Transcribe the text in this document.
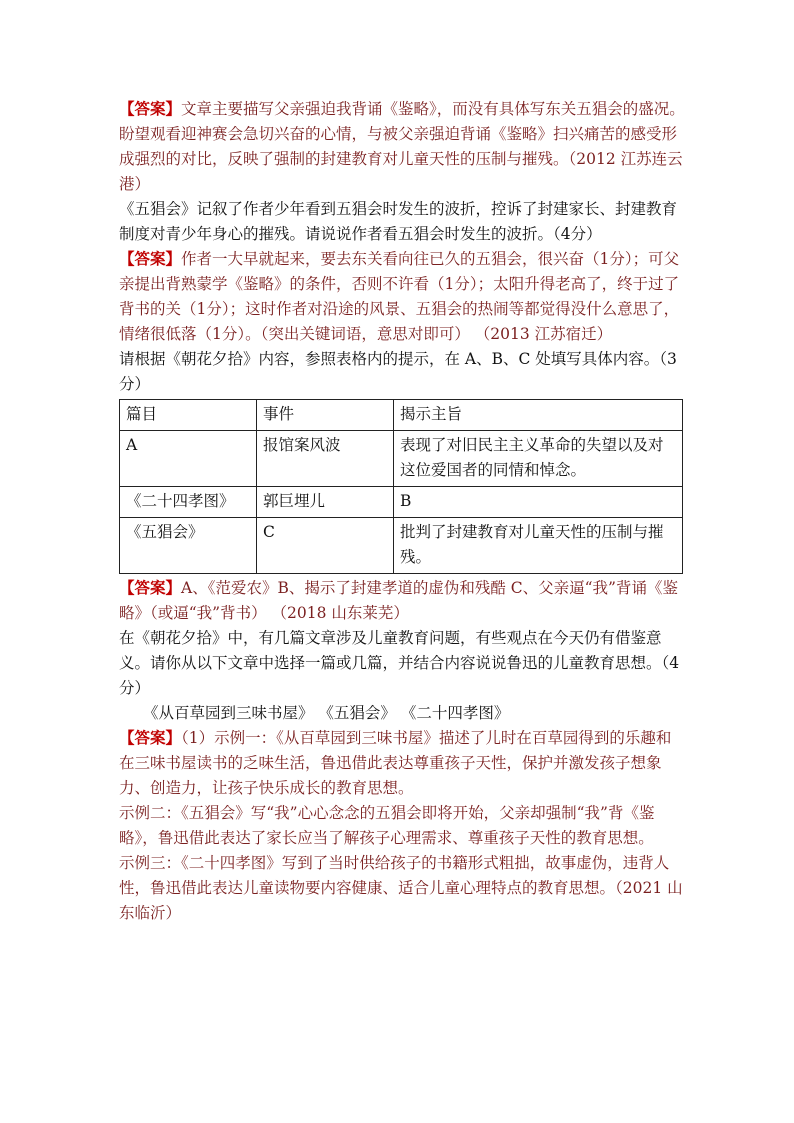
【答案】文章主要描写父亲强迫我背诵《鉴略》，而没有具体写东关五猖会的盛况。盼望观看迎神赛会急切兴奋的心情，与被父亲强迫背诵《鉴略》扫兴痛苦的感受形成强烈的对比，反映了强制的封建教育对儿童天性的压制与摧残。（2012 江苏连云港）

《五猖会》记叙了作者少年看到五猖会时发生的波折，控诉了封建家长、封建教育制度对青少年身心的摧残。请说说作者看五猖会时发生的波折。（4分）

【答案】作者一大早就起来，要去东关看向往已久的五猖会，很兴奋（1分）；可父亲提出背熟蒙学《鉴略》的条件，否则不许看（1分）；太阳升得老高了，终于过了背书的关（1分）；这时作者对沿途的风景、五猖会的热闹等都觉得没什么意思了，情绪很低落（1分）。（突出关键词语，意思对即可） （2013 江苏宿迁）

请根据《朝花夕拾》内容，参照表格内的提示，在 A、B、C 处填写具体内容。（3分）

篇目	事件	揭示主旨
A	报馆案风波	表现了对旧民主主义革命的失望以及对这位爱国者的同情和悼念。
《二十四孝图》	郭巨埋儿	B
《五猖会》	C	批判了封建教育对儿童天性的压制与摧残。

【答案】A、《范爱农》B、揭示了封建孝道的虚伪和残酷 C、父亲逼“我”背诵《鉴略》（或逼“我”背书） （2018 山东莱芜）

在《朝花夕拾》中，有几篇文章涉及儿童教育问题，有些观点在今天仍有借鉴意义。请你从以下文章中选择一篇或几篇，并结合内容说说鲁迅的儿童教育思想。（4分）

《从百草园到三味书屋》 《五猖会》 《二十四孝图》

【答案】（1）示例一：《从百草园到三味书屋》描述了儿时在百草园得到的乐趣和在三味书屋读书的乏味生活，鲁迅借此表达尊重孩子天性，保护并激发孩子想象力、创造力，让孩子快乐成长的教育思想。

示例二：《五猖会》写“我”心心念念的五猖会即将开始，父亲却强制“我”背《鉴略》，鲁迅借此表达了家长应当了解孩子心理需求、尊重孩子天性的教育思想。

示例三：《二十四孝图》写到了当时供给孩子的书籍形式粗拙，故事虚伪，违背人性，鲁迅借此表达儿童读物要内容健康、适合儿童心理特点的教育思想。（2021 山东临沂）
